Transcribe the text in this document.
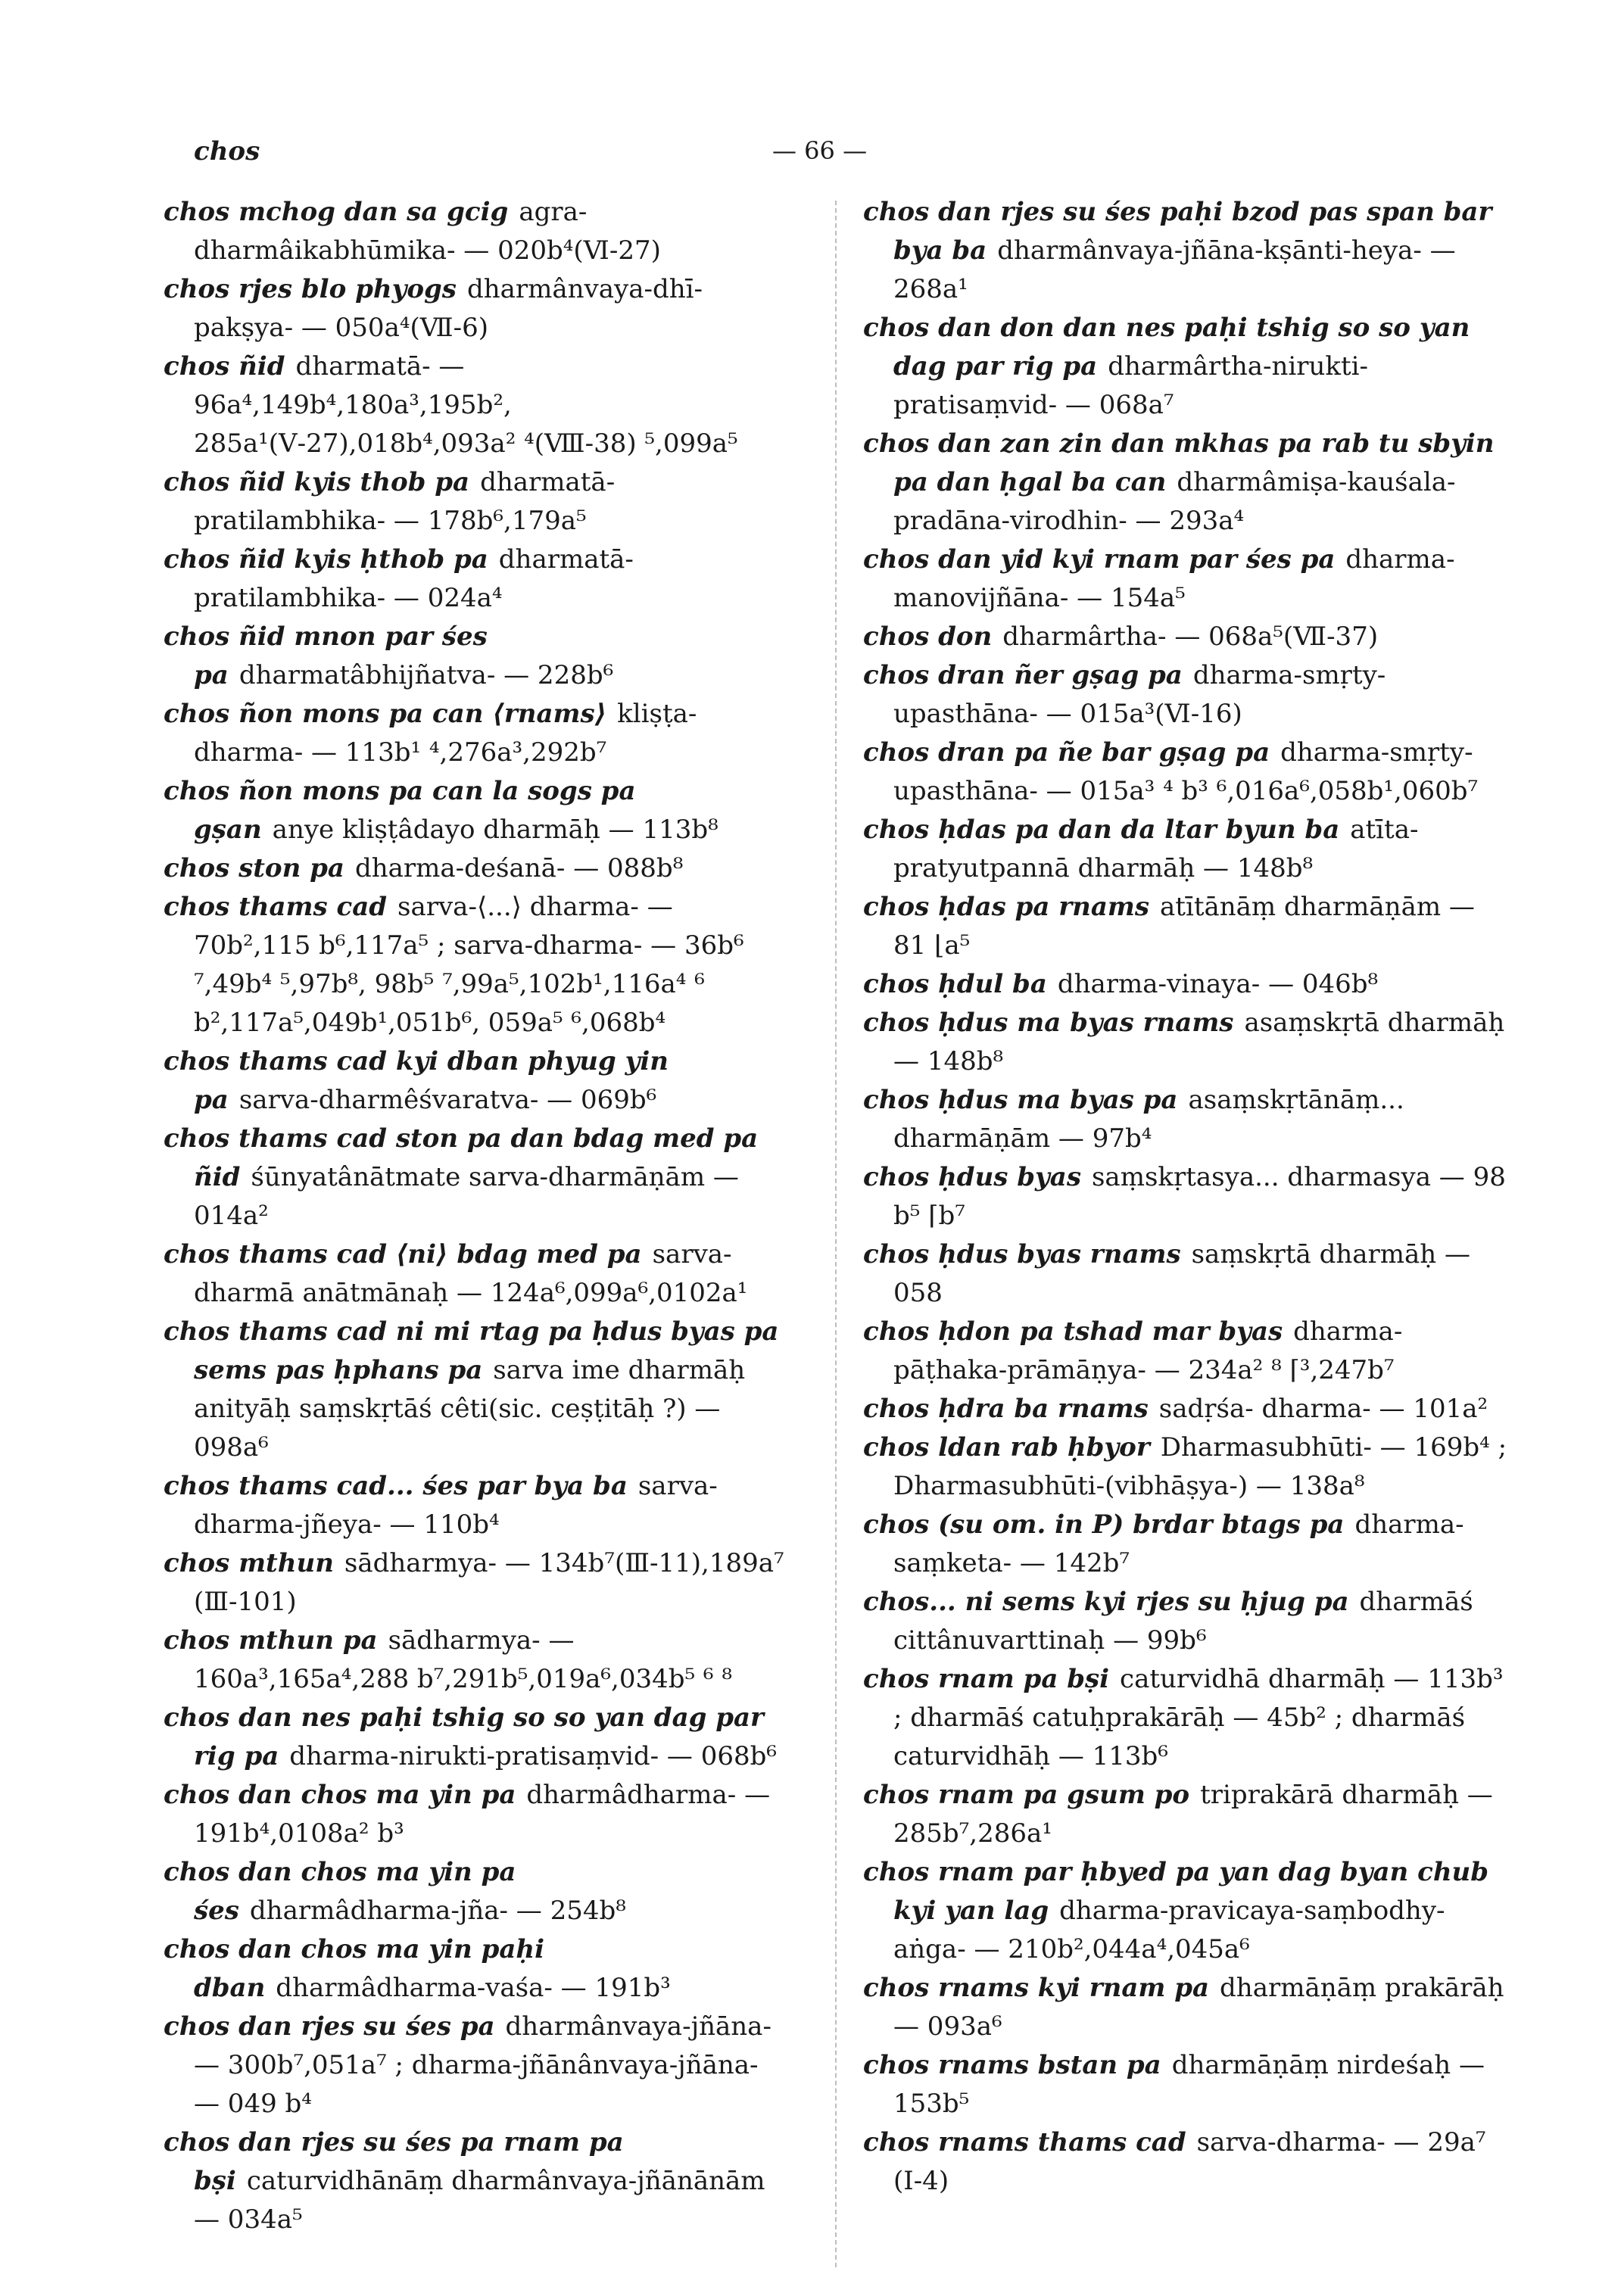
chos	— 66 —

chos mchog dan sa gcig agra-dharmâikabhūmika- — 020b⁴(Ⅵ-27)

chos rjes blo phyogs dharmânvaya-dhī-pakṣya- — 050a⁴(Ⅶ-6)

chos ñid dharmatā- — 96a⁴,149b⁴,180a³,195b², 285a¹(Ⅴ-27),018b⁴,093a² ⁴(Ⅷ-38) ⁵,099a⁵

chos ñid kyis thob pa dharmatā-pratilambhika- — 178b⁶,179a⁵

chos ñid kyis ḥthob pa dharmatā-pratilambhika- — 024a⁴

chos ñid mnon par śes pa dharmatâbhijñatva- — 228b⁶

chos ñon mons pa can ⟨rnams⟩ kliṣṭa- dharma- — 113b¹ ⁴,276a³,292b⁷

chos ñon mons pa can la sogs pa gṣan anye kliṣṭâdayo dharmāḥ — 113b⁸

chos ston pa dharma-deśanā- — 088b⁸

chos thams cad sarva-⟨...⟩ dharma- — 70b²,115 b⁶,117a⁵ ; sarva-dharma- — 36b⁶ ⁷,49b⁴ ⁵,97b⁸, 98b⁵ ⁷,99a⁵,102b¹,116a⁴ ⁶ b²,117a⁵,049b¹,051b⁶, 059a⁵ ⁶,068b⁴

chos thams cad kyi dban phyug yin pa sarva-dharmêśvaratva- — 069b⁶

chos thams cad ston pa dan bdag med pa ñid śūnyatânātmate sarva-dharmāṇām — 014a²

chos thams cad ⟨ni⟩ bdag med pa sarva-dharmā anātmānaḥ — 124a⁶,099a⁶,0102a¹

chos thams cad ni mi rtag pa ḥdus byas pa sems pas ḥphans pa sarva ime dharmāḥ anityāḥ saṃskṛtāś cêti(sic. ceṣṭitāḥ ?) — 098a⁶

chos thams cad... śes par bya ba sarva-dharma-jñeya- — 110b⁴

chos mthun sādharmya- — 134b⁷(Ⅲ-11),189a⁷ (Ⅲ-101)

chos mthun pa sādharmya- — 160a³,165a⁴,288 b⁷,291b⁵,019a⁶,034b⁵ ⁶ ⁸

chos dan nes paḥi tshig so so yan dag par rig pa dharma-nirukti-pratisaṃvid- — 068b⁶

chos dan chos ma yin pa dharmâdharma- — 191b⁴,0108a² b³

chos dan chos ma yin pa śes dharmâdharma-jña- — 254b⁸

chos dan chos ma yin paḥi dban dharmâdharma-vaśa- — 191b³

chos dan rjes su śes pa dharmânvaya-jñāna- — 300b⁷,051a⁷ ; dharma-jñānânvaya-jñāna- — 049 b⁴

chos dan rjes su śes pa rnam pa bṣi caturvidhānāṃ dharmânvaya-jñānānām — 034a⁵

chos dan rjes su śes paḥi bzod pas span bar bya ba dharmânvaya-jñāna-kṣānti-heya- — 268a¹

chos dan don dan nes paḥi tshig so so yan dag par rig pa dharmârtha-nirukti-pratisaṃvid- — 068a⁷

chos dan zan zin dan mkhas pa rab tu sbyin pa dan ḥgal ba can dharmâmiṣa-kauśala-pradāna-virodhin- — 293a⁴

chos dan yid kyi rnam par śes pa dharma-manovijñāna- — 154a⁵

chos don dharmârtha- — 068a⁵(Ⅶ-37)

chos dran ñer gṣag pa dharma-smṛty-upasthāna- — 015a³(Ⅵ-16)

chos dran pa ñe bar gṣag pa dharma-smṛty-upasthāna- — 015a³ ⁴ b³ ⁶,016a⁶,058b¹,060b⁷

chos ḥdas pa dan da ltar byun ba atīta-pratyutpannā dharmāḥ — 148b⁸

chos ḥdas pa rnams atītānāṃ dharmāṇām — 81 ⌊a⁵

chos ḥdul ba dharma-vinaya- — 046b⁸

chos ḥdus ma byas rnams asaṃskṛtā dharmāḥ — 148b⁸

chos ḥdus ma byas pa asaṃskṛtānāṃ... dharmāṇām — 97b⁴

chos ḥdus byas saṃskṛtasya... dharmasya — 98 b⁵ ⌈b⁷

chos ḥdus byas rnams saṃskṛtā dharmāḥ — 058

chos ḥdon pa tshad mar byas dharma-pāṭhaka-prāmāṇya- — 234a² ⁸ ⌈³,247b⁷

chos ḥdra ba rnams sadṛśa- dharma- — 101a²

chos ldan rab ḥbyor Dharmasubhūti- — 169b⁴ ; Dharmasubhūti-(vibhāṣya-) — 138a⁸

chos (su om. in P) brdar btags pa dharma-saṃketa- — 142b⁷

chos... ni sems kyi rjes su ḥjug pa dharmāś cittânuvarttinaḥ — 99b⁶

chos rnam pa bṣi caturvidhā dharmāḥ — 113b³ ; dharmāś catuḥprakārāḥ — 45b² ; dharmāś caturvidhāḥ — 113b⁶

chos rnam pa gsum po triprakārā dharmāḥ — 285b⁷,286a¹

chos rnam par ḥbyed pa yan dag byan chub kyi yan lag dharma-pravicaya-saṃbodhy-aṅga- — 210b²,044a⁴,045a⁶

chos rnams kyi rnam pa dharmāṇāṃ prakārāḥ — 093a⁶

chos rnams bstan pa dharmāṇāṃ nirdeśaḥ — 153b⁵

chos rnams thams cad sarva-dharma- — 29a⁷ (Ⅰ-4)
